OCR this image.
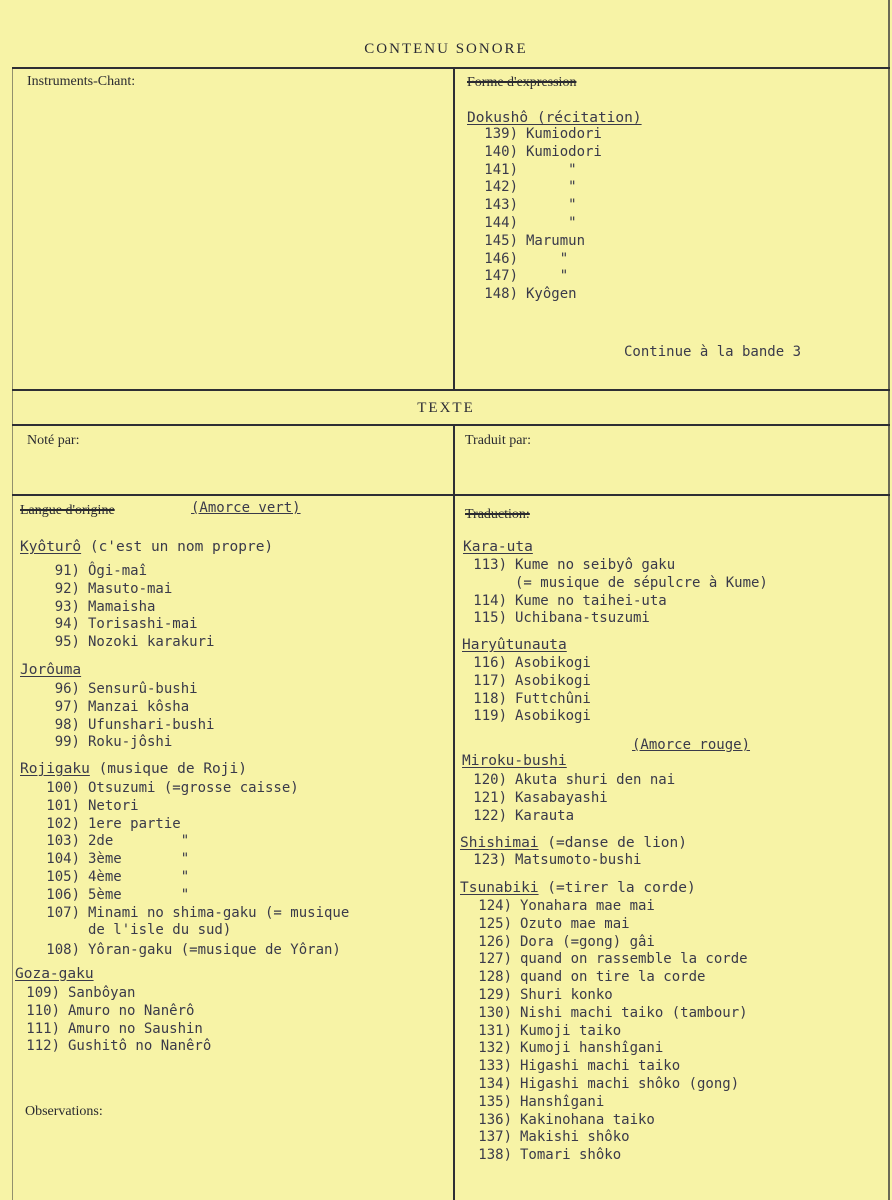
CONTENU SONORE
TEXTE
Instruments-Chant:	Forme d'expression
Noté par:	Traduit par:
Langue d'origine	Traduction:
Observations:
Dokushô (récitation)
139) Kumiodori
140) Kumiodori
141)     "
142)     "
143)     "
144)     "
145) Marumun
146)    "
147)    "
148) Kyôgen
Continue à la bande 3
(Amorce vert)
Kyôturô (c'est un nom propre)
91) Ôgi-maî
92) Masuto-mai
93) Mamaisha
94) Torisashi-mai
95) Nozoki karakuri
Jorôuma
96) Sensurû-bushi
97) Manzai kôsha
98) Ufunshari-bushi
99) Roku-jôshi
Rojigaku (musique de Roji)
100) Otsuzumi (=grosse caisse)
101) Netori
102) 1ere partie
103) 2de        "
104) 3ème       "
105) 4ème       "
106) 5ème       "
107) Minami no shima-gaku (= musique
de l'isle du sud)
108) Yôran-gaku (=musique de Yôran)
Goza-gaku
109) Sanbôyan
110) Amuro no Nanêrô
111) Amuro no Saushin
112) Gushitô no Nanêrô
Kara-uta
113) Kume no seibyô gaku
(= musique de sépulcre à Kume)
114) Kume no taihei-uta
115) Uchibana-tsuzumi
Haryûtunauta
116) Asobikogi
117) Asobikogi
118) Futtchûni
119) Asobikogi
(Amorce rouge)
Miroku-bushi
120) Akuta shuri den nai
121) Kasabayashi
122) Karauta
Shishimai (=danse de lion)
123) Matsumoto-bushi
Tsunabiki (=tirer la corde)
124) Yonahara mae mai
125) Ozuto mae mai
126) Dora (=gong) gâi
127) quand on rassemble la corde
128) quand on tire la corde
129) Shuri konko
130) Nishi machi taiko (tambour)
131) Kumoji taiko
132) Kumoji hanshîgani
133) Higashi machi taiko
134) Higashi machi shôko (gong)
135) Hanshîgani
136) Kakinohana taiko
137) Makishi shôko
138) Tomari shôko
